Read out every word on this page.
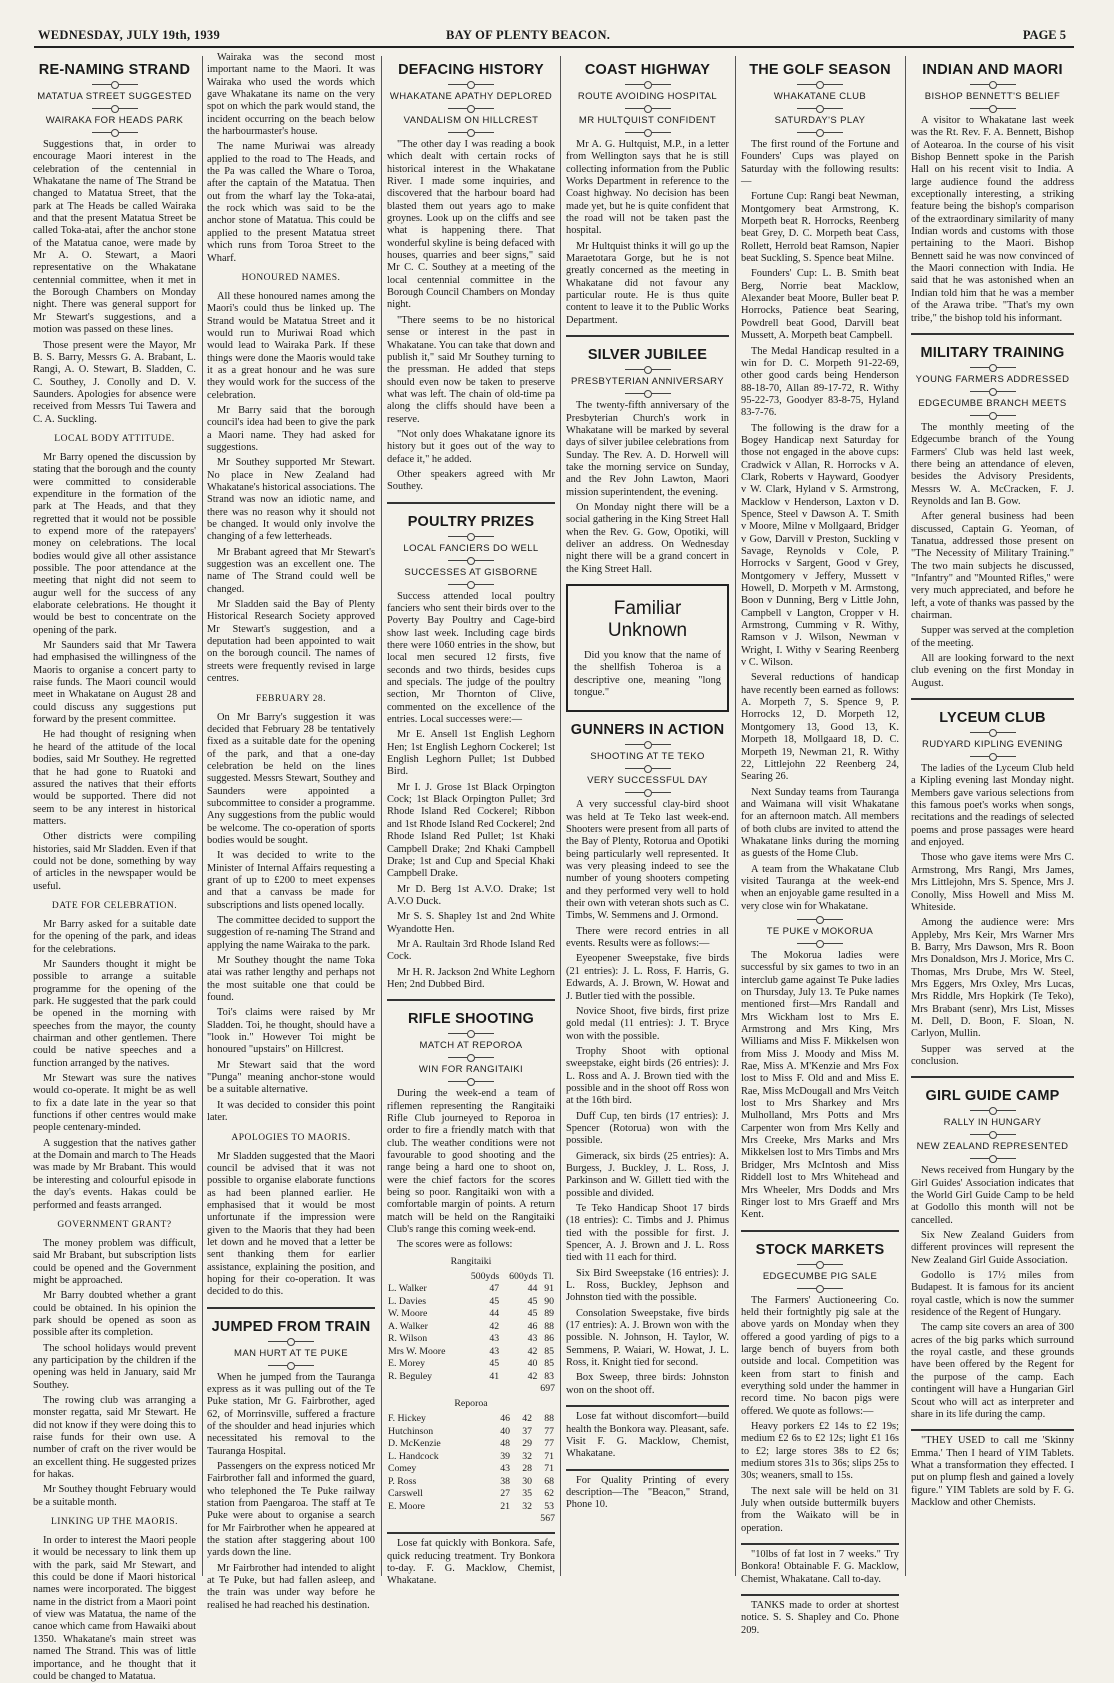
WEDNESDAY, JULY 19th, 1939	BAY OF PLENTY BEACON.	PAGE 5
RE-NAMING STRAND
MATATUA STREET SUGGESTED
WAIRAKA FOR HEADS PARK

Suggestions that, in order to encourage Maori interest in the celebration of the centennial in Whakatane the name of The Strand be changed to Matatua Street, that the park at The Heads be called Wairaka and that the present Matatua Street be called Toka-atai, after the anchor stone of the Matatua canoe, were made by Mr A. O. Stewart, a Maori representative on the Whakatane centennial committee, when it met in the Borough Chambers on Monday night. There was general support for Mr Stewart's suggestions, and a motion was passed on these lines.

Those present were the Mayor, Mr B. S. Barry, Messrs G. A. Brabant, L. Rangi, A. O. Stewart, B. Sladden, C. C. Southey, J. Conolly and D. V. Saunders. Apologies for absence were received from Messrs Tui Tawera and C. A. Suckling.

LOCAL BODY ATTITUDE.

Mr Barry opened the discussion by stating that the borough and the county were committed to considerable expenditure in the formation of the park at The Heads, and that they regretted that it would not be possible to expend more of the ratepayers' money on celebrations. The local bodies would give all other assistance possible. The poor attendance at the meeting that night did not seem to augur well for the success of any elaborate celebrations. He thought it would be best to concentrate on the opening of the park.

Mr Saunders said that Mr Tawera had emphasised the willingness of the Maoris to organise a concert party to raise funds. The Maori council would meet in Whakatane on August 28 and could discuss any suggestions put forward by the present committee.

He had thought of resigning when he heard of the attitude of the local bodies, said Mr Southey. He regretted that he had gone to Ruatoki and assured the natives that their efforts would be supported. There did not seem to be any interest in historical matters.

Other districts were compiling histories, said Mr Sladden. Even if that could not be done, something by way of articles in the newspaper would be useful.

DATE FOR CELEBRATION.

Mr Barry asked for a suitable date for the opening of the park, and ideas for the celebrations.

Mr Saunders thought it might be possible to arrange a suitable programme for the opening of the park. He suggested that the park could be opened in the morning with speeches from the mayor, the county chairman and other gentlemen. There could be native speeches and a function arranged by the natives.

Mr Stewart was sure the natives would co-operate. It might be as well to fix a date late in the year so that functions if other centres would make people centenary-minded.

A suggestion that the natives gather at the Domain and march to The Heads was made by Mr Brabant. This would be interesting and colourful episode in the day's events. Hakas could be performed and feasts arranged.

GOVERNMENT GRANT?

The money problem was difficult, said Mr Brabant, but subscription lists could be opened and the Government might be approached.

Mr Barry doubted whether a grant could be obtained. In his opinion the park should be opened as soon as possible after its completion.

The school holidays would prevent any participation by the children if the opening was held in January, said Mr Southey.

The rowing club was arranging a monster regatta, said Mr Stewart. He did not know if they were doing this to raise funds for their own use. A number of craft on the river would be an excellent thing. He suggested prizes for hakas.

Mr Southey thought February would be a suitable month.

LINKING UP THE MAORIS.

In order to interest the Maori people it would be necessary to link them up with the park, said Mr Stewart, and this could be done if Maori historical names were incorporated. The biggest name in the district from a Maori point of view was Matatua, the name of the canoe which came from Hawaiki about 1350. Whakatane's main street was named The Strand. This was of little importance, and he thought that it could be changed to Matatua.

Wairaka was the second most important name to the Maori. It was Wairaka who used the words which gave Whakatane its name on the very spot on which the park would stand, the incident occurring on the beach below the harbourmaster's house.

The name Muriwai was already applied to the road to The Heads, and the Pa was called the Whare o Toroa, after the captain of the Matatua. Then out from the wharf lay the Toka-atai, the rock which was said to be the anchor stone of Matatua. This could be applied to the present Matatua street which runs from Toroa Street to the Wharf.

HONOURED NAMES.

All these honoured names among the Maori's could thus be linked up. The Strand would be Matatua Street and it would run to Muriwai Road which would lead to Wairaka Park. If these things were done the Maoris would take it as a great honour and he was sure they would work for the success of the celebration.

Mr Barry said that the borough council's idea had been to give the park a Maori name. They had asked for suggestions.

Mr Southey supported Mr Stewart. No place in New Zealand had Whakatane's historical associations. The Strand was now an idiotic name, and there was no reason why it should not be changed. It would only involve the changing of a few letterheads.

Mr Brabant agreed that Mr Stewart's suggestion was an excellent one. The name of The Strand could well be changed.

Mr Sladden said the Bay of Plenty Historical Research Society approved Mr Stewart's suggestion, and a deputation had been appointed to wait on the borough council. The names of streets were frequently revised in large centres.

FEBRUARY 28.

On Mr Barry's suggestion it was decided that February 28 be tentatively fixed as a suitable date for the opening of the park, and that a one-day celebration be held on the lines suggested. Messrs Stewart, Southey and Saunders were appointed a subcommittee to consider a programme. Any suggestions from the public would be welcome. The co-operation of sports bodies would be sought.

It was decided to write to the Minister of Internal Affairs requesting a grant of up to £200 to meet expenses and that a canvass be made for subscriptions and lists opened locally.

The committee decided to support the suggestion of re-naming The Strand and applying the name Wairaka to the park.

Mr Southey thought the name Toka atai was rather lengthy and perhaps not the most suitable one that could be found.

Toi's claims were raised by Mr Sladden. Toi, he thought, should have a "look in." However Toi might be honoured "upstairs" on Hillcrest.

Mr Stewart said that the word "Punga" meaning anchor-stone would be a suitable alternative.

It was decided to consider this point later.

APOLOGIES TO MAORIS.

Mr Sladden suggested that the Maori council be advised that it was not possible to organise elaborate functions as had been planned earlier. He emphasised that it would be most unfortunate if the impression were given to the Maoris that they had been let down and he moved that a letter be sent thanking them for earlier assistance, explaining the position, and hoping for their co-operation. It was decided to do this.

JUMPED FROM TRAIN
MAN HURT AT TE PUKE

When he jumped from the Tauranga express as it was pulling out of the Te Puke station, Mr G. Fairbrother, aged 62, of Morrinsville, suffered a fracture of the shoulder and head injuries which necessitated his removal to the Tauranga Hospital.

Passengers on the express noticed Mr Fairbrother fall and informed the guard, who telephoned the Te Puke railway station from Paengaroa. The staff at Te Puke were about to organise a search for Mr Fairbrother when he appeared at the station after staggering about 100 yards down the line.

Mr Fairbrother had intended to alight at Te Puke, but had fallen asleep, and the train was under way before he realised he had reached his destination.

DEFACING HISTORY
WHAKATANE APATHY DEPLORED
VANDALISM ON HILLCREST

"The other day I was reading a book which dealt with certain rocks of historical interest in the Whakatane River. I made some inquiries, and discovered that the harbour board had blasted them out years ago to make groynes. Look up on the cliffs and see what is happening there. That wonderful skyline is being defaced with houses, quarries and beer signs," said Mr C. C. Southey at a meeting of the local centennial committee in the Borough Council Chambers on Monday night.

"There seems to be no historical sense or interest in the past in Whakatane. You can take that down and publish it," said Mr Southey turning to the pressman. He added that steps should even now be taken to preserve what was left. The chain of old-time pa along the cliffs should have been a reserve.

"Not only does Whakatane ignore its history but it goes out of the way to deface it," he added.

Other speakers agreed with Mr Southey.

POULTRY PRIZES
LOCAL FANCIERS DO WELL
SUCCESSES AT GISBORNE

Success attended local poultry fanciers who sent their birds over to the Poverty Bay Poultry and Cage-bird show last week. Including cage birds there were 1060 entries in the show, but local men secured 12 firsts, five seconds and two thirds, besides cups and specials. The judge of the poultry section, Mr Thornton of Clive, commented on the excellence of the entries. Local successes were:—

Mr E. Ansell 1st English Leghorn Hen; 1st English Leghorn Cockerel; 1st English Leghorn Pullet; 1st Dubbed Bird.

Mr I. J. Grose 1st Black Orpington Cock; 1st Black Orpington Pullet; 3rd Rhode Island Red Cockerel; Ribbon and 1st Rhode Island Red Cockerel; 2nd Rhode Island Red Pullet; 1st Khaki Campbell Drake; 2nd Khaki Campbell Drake; 1st and Cup and Special Khaki Campbell Drake.

Mr D. Berg 1st A.V.O. Drake; 1st A.V.O Duck.

Mr S. S. Shapley 1st and 2nd White Wyandotte Hen.

Mr A. Raultain 3rd Rhode Island Red Cock.

Mr H. R. Jackson 2nd White Leghorn Hen; 2nd Dubbed Bird.

RIFLE SHOOTING
MATCH AT REPOROA
WIN FOR RANGITAIKI

During the week-end a team of riflemen representing the Rangitaiki Rifle Club journeyed to Reporoa in order to fire a friendly match with that club. The weather conditions were not favourable to good shooting and the range being a hard one to shoot on, were the chief factors for the scores being so poor. Rangitaiki won with a comfortable margin of points. A return match will be held on the Rangitaiki Club's range this coming week-end.

The scores were as follows:

Rangitaiki
	500yds	600yds	Tl.
L. Walker	47	44	91
L. Davies	45	45	90
W. Moore	44	45	89
A. Walker	42	46	88
R. Wilson	43	43	86
Mrs W. Moore	43	42	85
E. Morey	45	40	85
R. Beguley	41	42	83
697
Reporoa
F. Hickey	46	42	88
Hutchinson	40	37	77
D. McKenzie	48	29	77
L. Handcock	39	32	71
Comey	43	28	71
P. Ross	38	30	68
Carswell	27	35	62
E. Moore	21	32	53
567

Lose fat quickly with Bonkora. Safe, quick reducing treatment. Try Bonkora to-day. F. G. Macklow, Chemist, Whakatane.

COAST HIGHWAY
ROUTE AVOIDING HOSPITAL
MR HULTQUIST CONFIDENT

Mr A. G. Hultquist, M.P., in a letter from Wellington says that he is still collecting information from the Public Works Department in reference to the Coast highway. No decision has been made yet, but he is quite confident that the road will not be taken past the hospital.

Mr Hultquist thinks it will go up the Maraetotara Gorge, but he is not greatly concerned as the meeting in Whakatane did not favour any particular route. He is thus quite content to leave it to the Public Works Department.

SILVER JUBILEE
PRESBYTERIAN ANNIVERSARY

The twenty-fifth anniversary of the Presbyterian Church's work in Whakatane will be marked by several days of silver jubilee celebrations from Sunday. The Rev. A. D. Horwell will take the morning service on Sunday, and the Rev John Lawton, Maori mission superintendent, the evening.

On Monday night there will be a social gathering in the King Street Hall when the Rev. G. Gow, Opotiki, will deliver an address. On Wednesday night there will be a grand concert in the King Street Hall.

Familiar Unknown

Did you know that the name of the shellfish Toheroa is a descriptive one, meaning "long tongue."

GUNNERS IN ACTION
SHOOTING AT TE TEKO
VERY SUCCESSFUL DAY

A very successful clay-bird shoot was held at Te Teko last week-end. Shooters were present from all parts of the Bay of Plenty, Rotorua and Opotiki being particularly well represented. It was very pleasing indeed to see the number of young shooters competing and they performed very well to hold their own with veteran shots such as C. Timbs, W. Semmens and J. Ormond.

There were record entries in all events. Results were as follows:—

Eyeopener Sweepstake, five birds (21 entries): J. L. Ross, F. Harris, G. Edwards, A. J. Brown, W. Howat and J. Butler tied with the possible.

Novice Shoot, five birds, first prize gold medal (11 entries): J. T. Bryce won with the possible.

Trophy Shoot with optional sweepstake, eight birds (26 entries): J. L. Ross and A. J. Brown tied with the possible and in the shoot off Ross won at the 16th bird.

Duff Cup, ten birds (17 entries): J. Spencer (Rotorua) won with the possible.

Gimerack, six birds (25 entries): A. Burgess, J. Buckley, J. L. Ross, J. Parkinson and W. Gillett tied with the possible and divided.

Te Teko Handicap Shoot 17 birds (18 entries): C. Timbs and J. Phimus tied with the possible for first. J. Spencer, A. J. Brown and J. L. Ross tied with 11 each for third.

Six Bird Sweepstake (16 entries): J. L. Ross, Buckley, Jephson and Johnston tied with the possible.

Consolation Sweepstake, five birds (17 entries): A. J. Brown won with the possible. N. Johnson, H. Taylor, W. Semmens, P. Waiari, W. Howat, J. L. Ross, it. Knight tied for second.

Box Sweep, three birds: Johnston won on the shoot off.

Lose fat without discomfort—build health the Bonkora way. Pleasant, safe. Visit F. G. Macklow, Chemist, Whakatane.

For Quality Printing of every description—The "Beacon," Strand, Phone 10.

THE GOLF SEASON
WHAKATANE CLUB
SATURDAY'S PLAY

The first round of the Fortune and Founders' Cups was played on Saturday with the following results:—

Fortune Cup: Rangi beat Newman, Montgomery beat Armstrong, K. Morpeth beat R. Horrocks, Reenberg beat Grey, D. C. Morpeth beat Cass, Rollett, Herrold beat Ramson, Napier beat Suckling, S. Spence beat Milne.

Founders' Cup: L. B. Smith beat Berg, Norrie beat Macklow, Alexander beat Moore, Buller beat P. Horrocks, Patience beat Searing, Powdrell beat Good, Darvill beat Mussett, A. Morpeth beat Campbell.

The Medal Handicap resulted in a win for D. C. Morpeth 91-22-69, other good cards being Henderson 88-18-70, Allan 89-17-72, R. Withy 95-22-73, Goodyer 83-8-75, Hyland 83-7-76.

The following is the draw for a Bogey Handicap next Saturday for those not engaged in the above cups: Cradwick v Allan, R. Horrocks v A. Clark, Roberts v Hayward, Goodyer v W. Clark, Hyland v S. Armstrong, Macklow v Henderson, Laxton v D. Spence, Steel v Dawson A. T. Smith v Moore, Milne v Mollgaard, Bridger v Gow, Darvill v Preston, Suckling v Savage, Reynolds v Cole, P. Horrocks v Sargent, Good v Grey, Montgomery v Jeffery, Mussett v Howell, D. Morpeth v M. Armstong, Boon v Dunning, Berg v Little John, Campbell v Langton, Cropper v H. Armstrong, Cumming v R. Withy, Ramson v J. Wilson, Newman v Wright, I. Withy v Searing Reenberg v C. Wilson.

Several reductions of handicap have recently been earned as follows: A. Morpeth 7, S. Spence 9, P. Horrocks 12, D. Morpeth 12, Montgomery 13, Good 13, K. Morpeth 18, Mollgaard 18, D. C. Morpeth 19, Newman 21, R. Withy 22, Littlejohn 22 Reenberg 24, Searing 26.

Next Sunday teams from Tauranga and Waimana will visit Whakatane for an afternoon match. All members of both clubs are invited to attend the Whakatane links during the morning as guests of the Home Club.

A team from the Whakatane Club visited Tauranga at the week-end when an enjoyable game resulted in a very close win for Whakatane.

TE PUKE v MOKORUA

The Mokorua ladies were successful by six games to two in an interclub game against Te Puke ladies on Thursday, July 13. Te Puke names mentioned first—Mrs Randall and Mrs Wickham lost to Mrs E. Armstrong and Mrs King, Mrs Williams and Miss F. Mikkelsen won from Miss J. Moody and Miss M. Rae, Miss A. M'Kenzie and Mrs Fox lost to Miss F. Old and and Miss E. Rae, Miss McDougall and Mrs Veitch lost to Mrs Sharkey and Mrs Mulholland, Mrs Potts and Mrs Carpenter won from Mrs Kelly and Mrs Creeke, Mrs Marks and Mrs Mikkelsen lost to Mrs Timbs and Mrs Bridger, Mrs McIntosh and Miss Riddell lost to Mrs Whitehead and Mrs Wheeler, Mrs Dodds and Mrs Ringer lost to Mrs Graeff and Mrs Kent.

STOCK MARKETS
EDGECUMBE PIG SALE

The Farmers' Auctioneering Co. held their fortnightly pig sale at the above yards on Monday when they offered a good yarding of pigs to a large bench of buyers from both outside and local. Competition was keen from start to finish and everything sold under the hammer in record time. No bacon pigs were offered. We quote as follows:—

Heavy porkers £2 14s to £2 19s; medium £2 6s to £2 12s; light £1 16s to £2; large stores 38s to £2 6s; medium stores 31s to 36s; slips 25s to 30s; weaners, small to 15s.

The next sale will be held on 31 July when outside buttermilk buyers from the Waikato will be in operation.

"10lbs of fat lost in 7 weeks." Try Bonkora! Obtainable F. G. Macklow, Chemist, Whakatane. Call to-day.

TANKS made to order at shortest notice. S. S. Shapley and Co. Phone 209.

INDIAN AND MAORI
BISHOP BENNETT'S BELIEF

A visitor to Whakatane last week was the Rt. Rev. F. A. Bennett, Bishop of Aotearoa. In the course of his visit Bishop Bennett spoke in the Parish Hall on his recent visit to India. A large audience found the address exceptionally interesting, a striking feature being the bishop's comparison of the extraordinary similarity of many Indian words and customs with those pertaining to the Maori. Bishop Bennett said he was now convinced of the Maori connection with India. He said that he was astonished when an Indian told him that he was a member of the Arawa tribe. "That's my own tribe," the bishop told his informant.

MILITARY TRAINING
YOUNG FARMERS ADDRESSED
EDGECUMBE BRANCH MEETS

The monthly meeting of the Edgecumbe branch of the Young Farmers' Club was held last week, there being an attendance of eleven, besides the Advisory Presidents, Messrs W. A. McCracken, F. J. Reynolds and Ian B. Gow.

After general business had been discussed, Captain G. Yeoman, of Tanatua, addressed those present on "The Necessity of Military Training." The two main subjects he discussed, "Infantry" and "Mounted Rifles," were very much appreciated, and before he left, a vote of thanks was passed by the chairman.

Supper was served at the completion of the meeting.

All are looking forward to the next club evening on the first Monday in August.

LYCEUM CLUB
RUDYARD KIPLING EVENING

The ladies of the Lyceum Club held a Kipling evening last Monday night. Members gave various selections from this famous poet's works when songs, recitations and the readings of selected poems and prose passages were heard and enjoyed.

Those who gave items were Mrs C. Armstrong, Mrs Rangi, Mrs James, Mrs Littlejohn, Mrs S. Spence, Mrs J. Conolly, Miss Howell and Miss M. Whiteside.

Among the audience were: Mrs Appleby, Mrs Keir, Mrs Warner Mrs B. Barry, Mrs Dawson, Mrs R. Boon Mrs Donaldson, Mrs J. Morice, Mrs C. Thomas, Mrs Drube, Mrs W. Steel, Mrs Eggers, Mrs Oxley, Mrs Lucas, Mrs Riddle, Mrs Hopkirk (Te Teko), Mrs Brabant (senr), Mrs List, Misses M. Dell, D. Boon, F. Sloan, N. Carlyon, Mullin.

Supper was served at the conclusion.

GIRL GUIDE CAMP
RALLY IN HUNGARY
NEW ZEALAND REPRESENTED

News received from Hungary by the Girl Guides' Association indicates that the World Girl Guide Camp to be held at Godollo this month will not be cancelled.

Six New Zealand Guiders from different provinces will represent the New Zealand Girl Guide Association.

Godollo is 17½ miles from Budapest. It is famous for its ancient royal castle, which is now the summer residence of the Regent of Hungary.

The camp site covers an area of 300 acres of the big parks which surround the royal castle, and these grounds have been offered by the Regent for the purpose of the camp. Each contingent will have a Hungarian Girl Scout who will act as interpreter and share in its life during the camp.

"THEY USED to call me 'Skinny Emma.' Then I heard of YIM Tablets. What a transformation they effected. I put on plump flesh and gained a lovely figure." YIM Tablets are sold by F. G. Macklow and other Chemists.
